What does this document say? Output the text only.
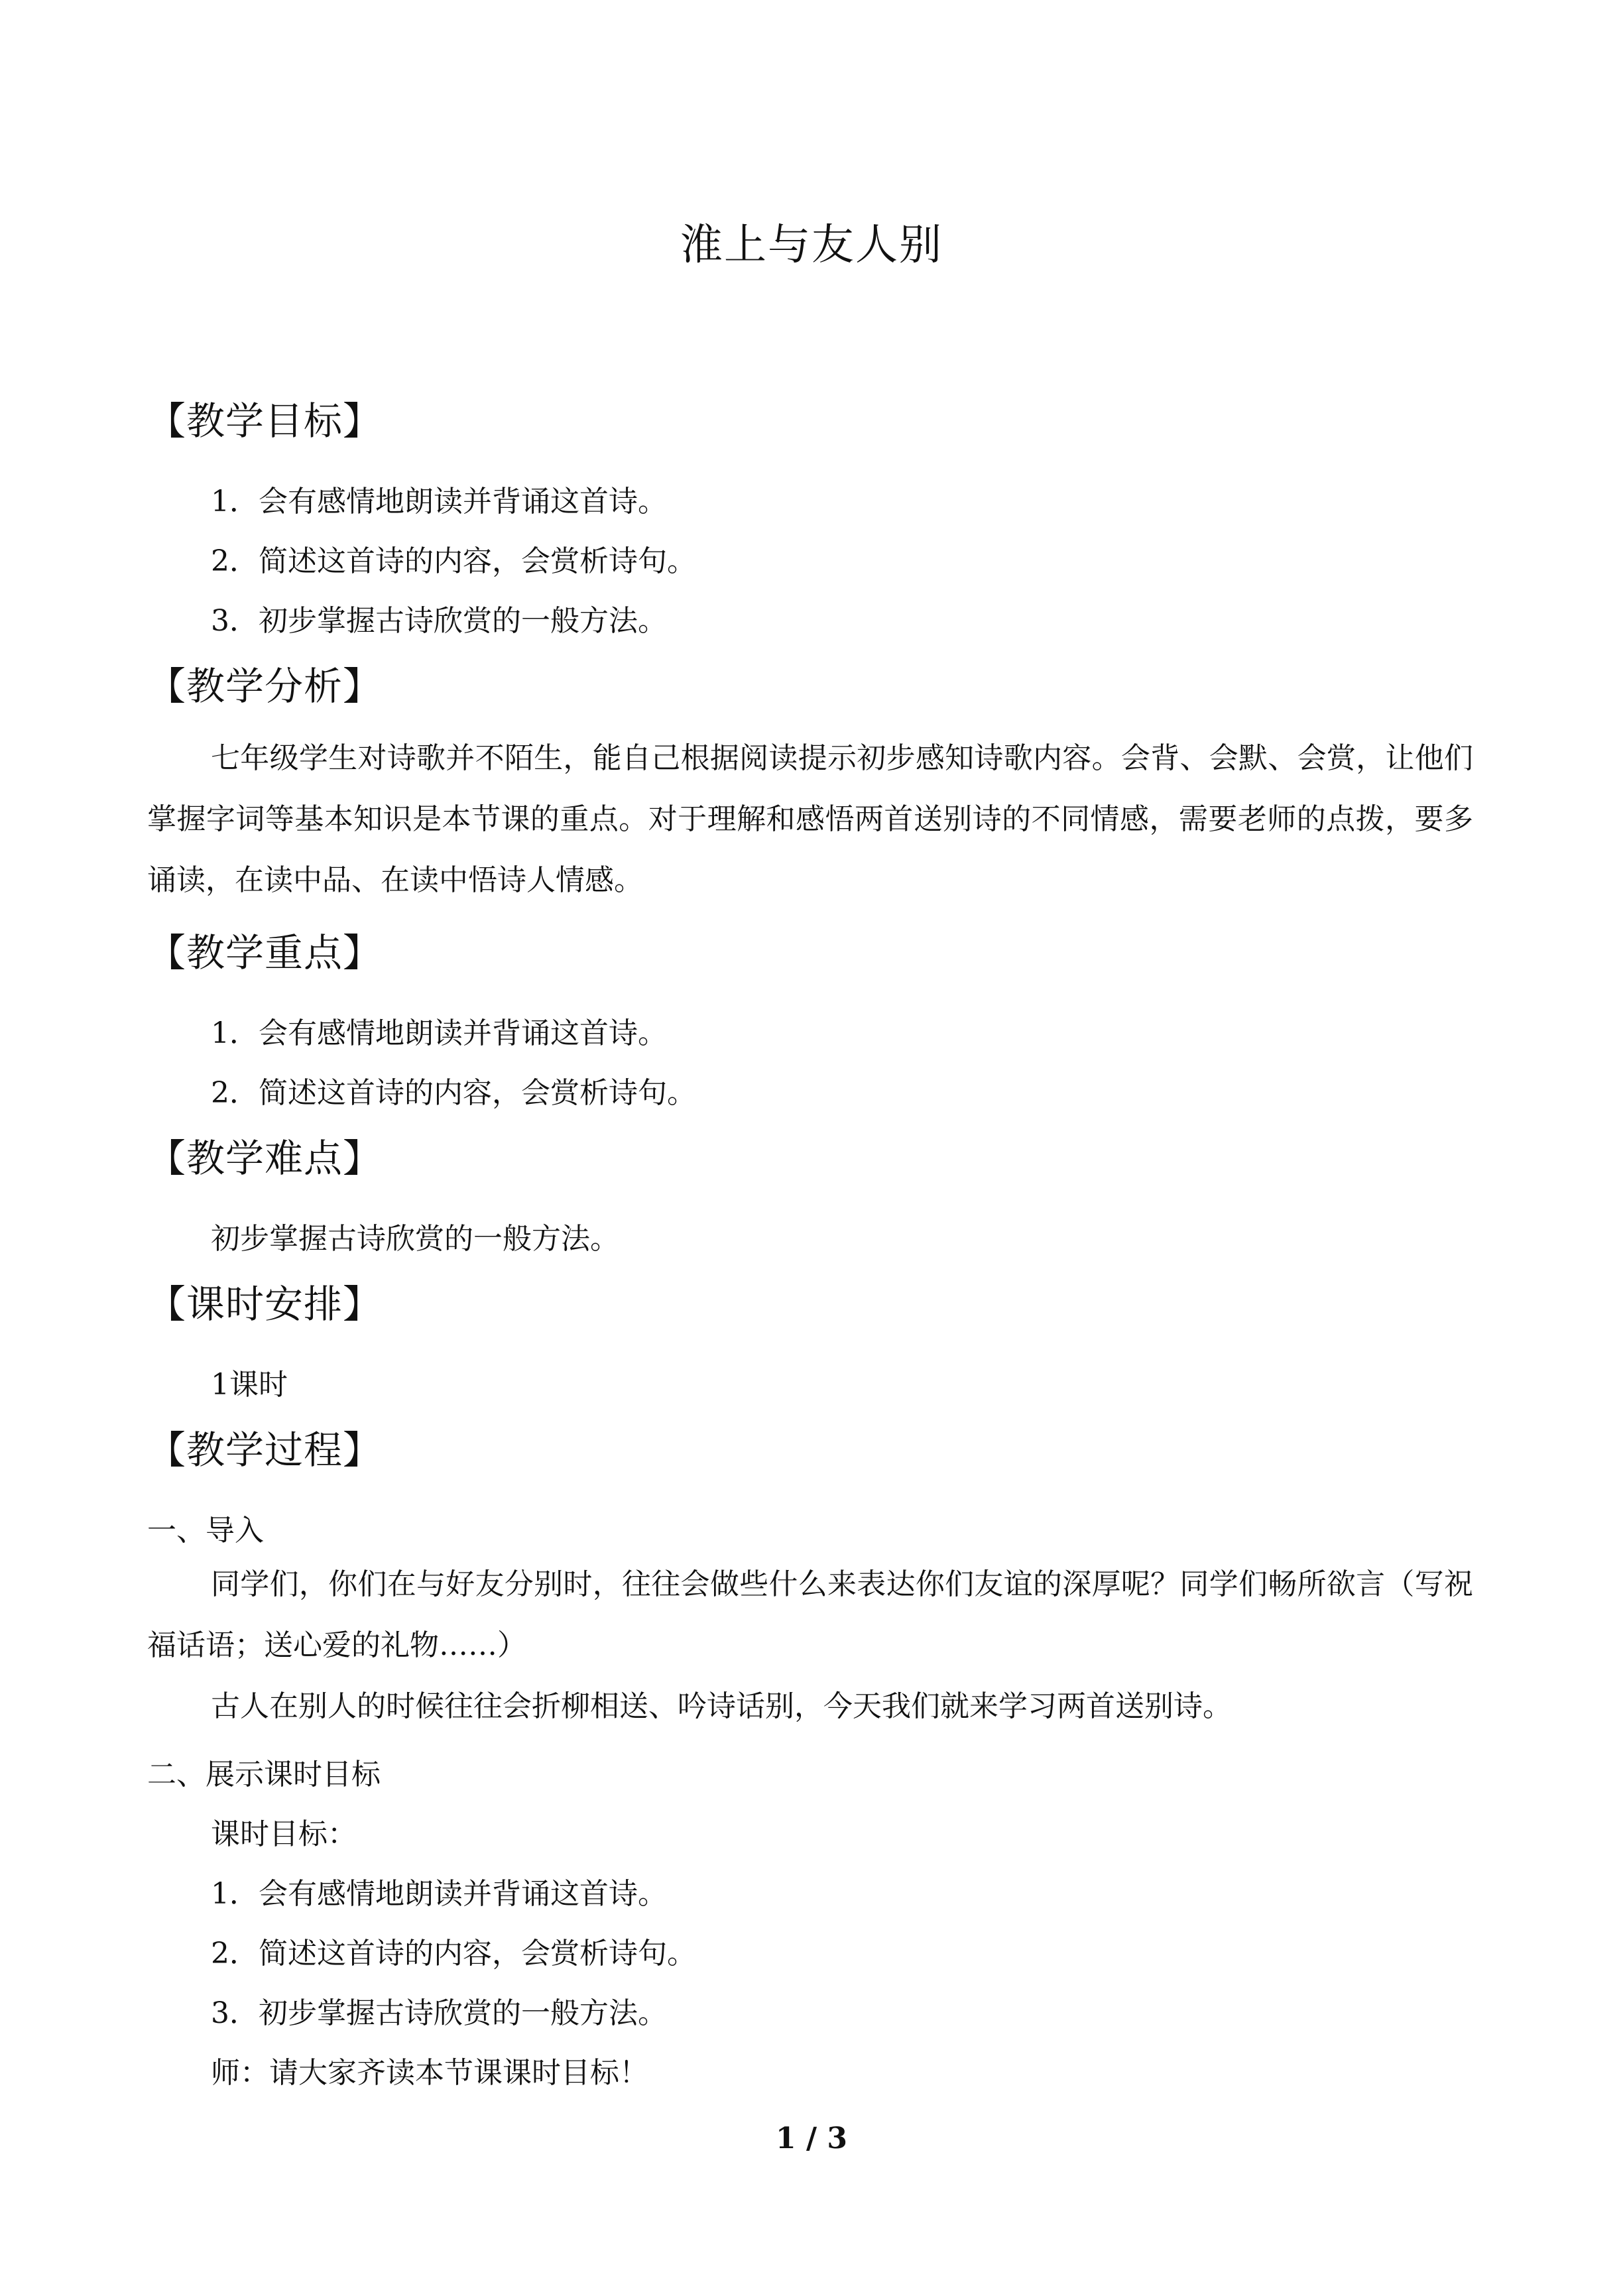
淮上与友人别
【教学目标】
1．会有感情地朗读并背诵这首诗。
2．简述这首诗的内容，会赏析诗句。
3．初步掌握古诗欣赏的一般方法。
【教学分析】
七年级学生对诗歌并不陌生，能自己根据阅读提示初步感知诗歌内容。会背、会默、会赏，让他们掌握字词等基本知识是本节课的重点。对于理解和感悟两首送别诗的不同情感，需要老师的点拨，要多诵读，在读中品、在读中悟诗人情感。
【教学重点】
1．会有感情地朗读并背诵这首诗。
2．简述这首诗的内容，会赏析诗句。
【教学难点】
初步掌握古诗欣赏的一般方法。
【课时安排】
1课时
【教学过程】
一、导入
同学们，你们在与好友分别时，往往会做些什么来表达你们友谊的深厚呢？同学们畅所欲言（写祝福话语；送心爱的礼物……）
古人在别人的时候往往会折柳相送、吟诗话别，今天我们就来学习两首送别诗。
二、展示课时目标
课时目标：
1．会有感情地朗读并背诵这首诗。
2．简述这首诗的内容，会赏析诗句。
3．初步掌握古诗欣赏的一般方法。
师：请大家齐读本节课课时目标！
1 / 3
